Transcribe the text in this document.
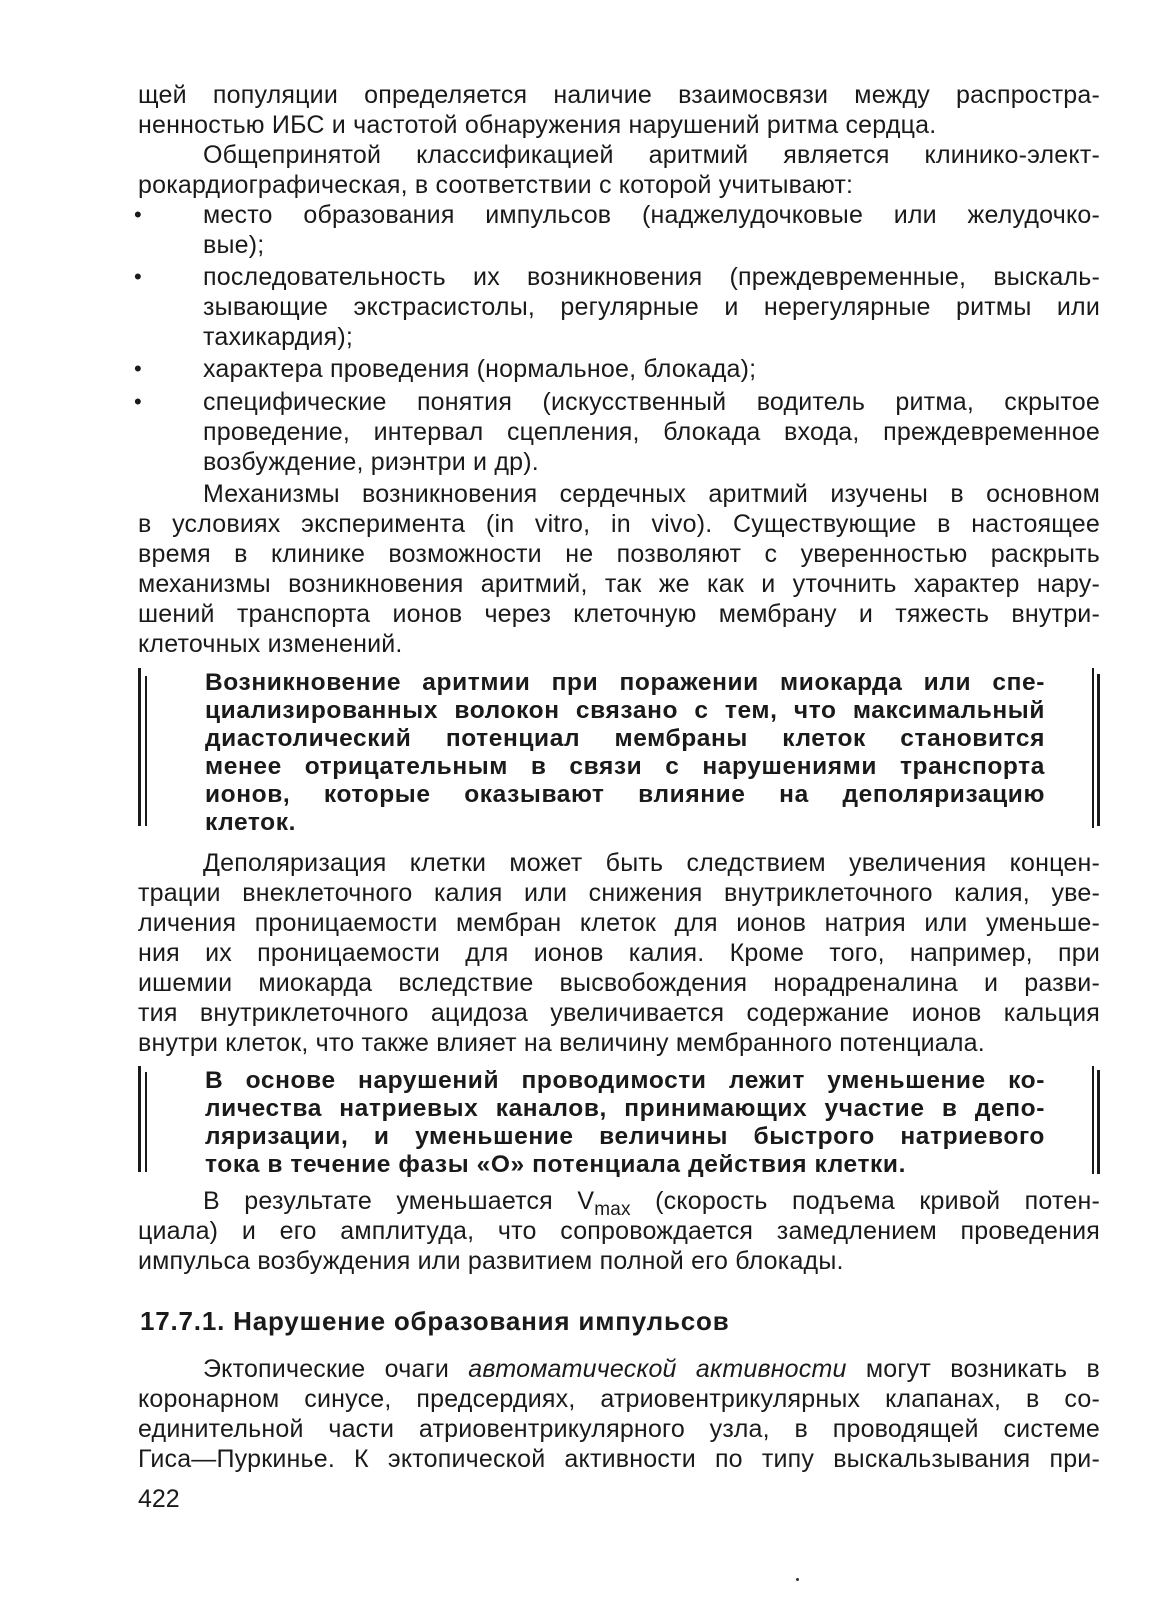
щей популяции определяется наличие взаимосвязи между распростра-
ненностью ИБС и частотой обнаружения нарушений ритма сердца.
Общепринятой классификацией аритмий является клинико-элект-
рокардиографическая, в соответствии с которой учитывают:
• место образования импульсов (наджелудочковые или желудочко-
вые);
• последовательность их возникновения (преждевременные, выскаль-
зывающие экстрасистолы, регулярные и нерегулярные ритмы или
тахикардия);
• характера проведения (нормальное, блокада);
• специфические понятия (искусственный водитель ритма, скрытое
проведение, интервал сцепления, блокада входа, преждевременное
возбуждение, риэнтри и др).
Механизмы возникновения сердечных аритмий изучены в основном
в условиях эксперимента (in vitro, in vivo). Существующие в настоящее
время в клинике возможности не позволяют с уверенностью раскрыть
механизмы возникновения аритмий, так же как и уточнить характер нару-
шений транспорта ионов через клеточную мембрану и тяжесть внутри-
клеточных изменений.
Возникновение аритмии при поражении миокарда или спе-
циализированных волокон связано с тем, что максимальный
диастолический потенциал мембраны клеток становится
менее отрицательным в связи с нарушениями транспорта
ионов, которые оказывают влияние на деполяризацию
клеток.
Деполяризация клетки может быть следствием увеличения концен-
трации внеклеточного калия или снижения внутриклеточного калия, уве-
личения проницаемости мембран клеток для ионов натрия или уменьше-
ния их проницаемости для ионов калия. Кроме того, например, при
ишемии миокарда вследствие высвобождения норадреналина и разви-
тия внутриклеточного ацидоза увеличивается содержание ионов кальция
внутри клеток, что также влияет на величину мембранного потенциала.
В основе нарушений проводимости лежит уменьшение ко-
личества натриевых каналов, принимающих участие в депо-
ляризации, и уменьшение величины быстрого натриевого
тока в течение фазы «О» потенциала действия клетки.
В результате уменьшается $V_{max}$ (скорость подъема кривой потен-
циала) и его амплитуда, что сопровождается замедлением проведения
импульса возбуждения или развитием полной его блокады.
17.7.1. Нарушение образования импульсов
Эктопические очаги автоматической активности могут возникать в
коронарном синусе, предсердиях, атриовентрикулярных клапанах, в со-
единительной части атриовентрикулярного узла, в проводящей системе
Гиса—Пуркинье. К эктопической активности по типу выскальзывания при-
422
